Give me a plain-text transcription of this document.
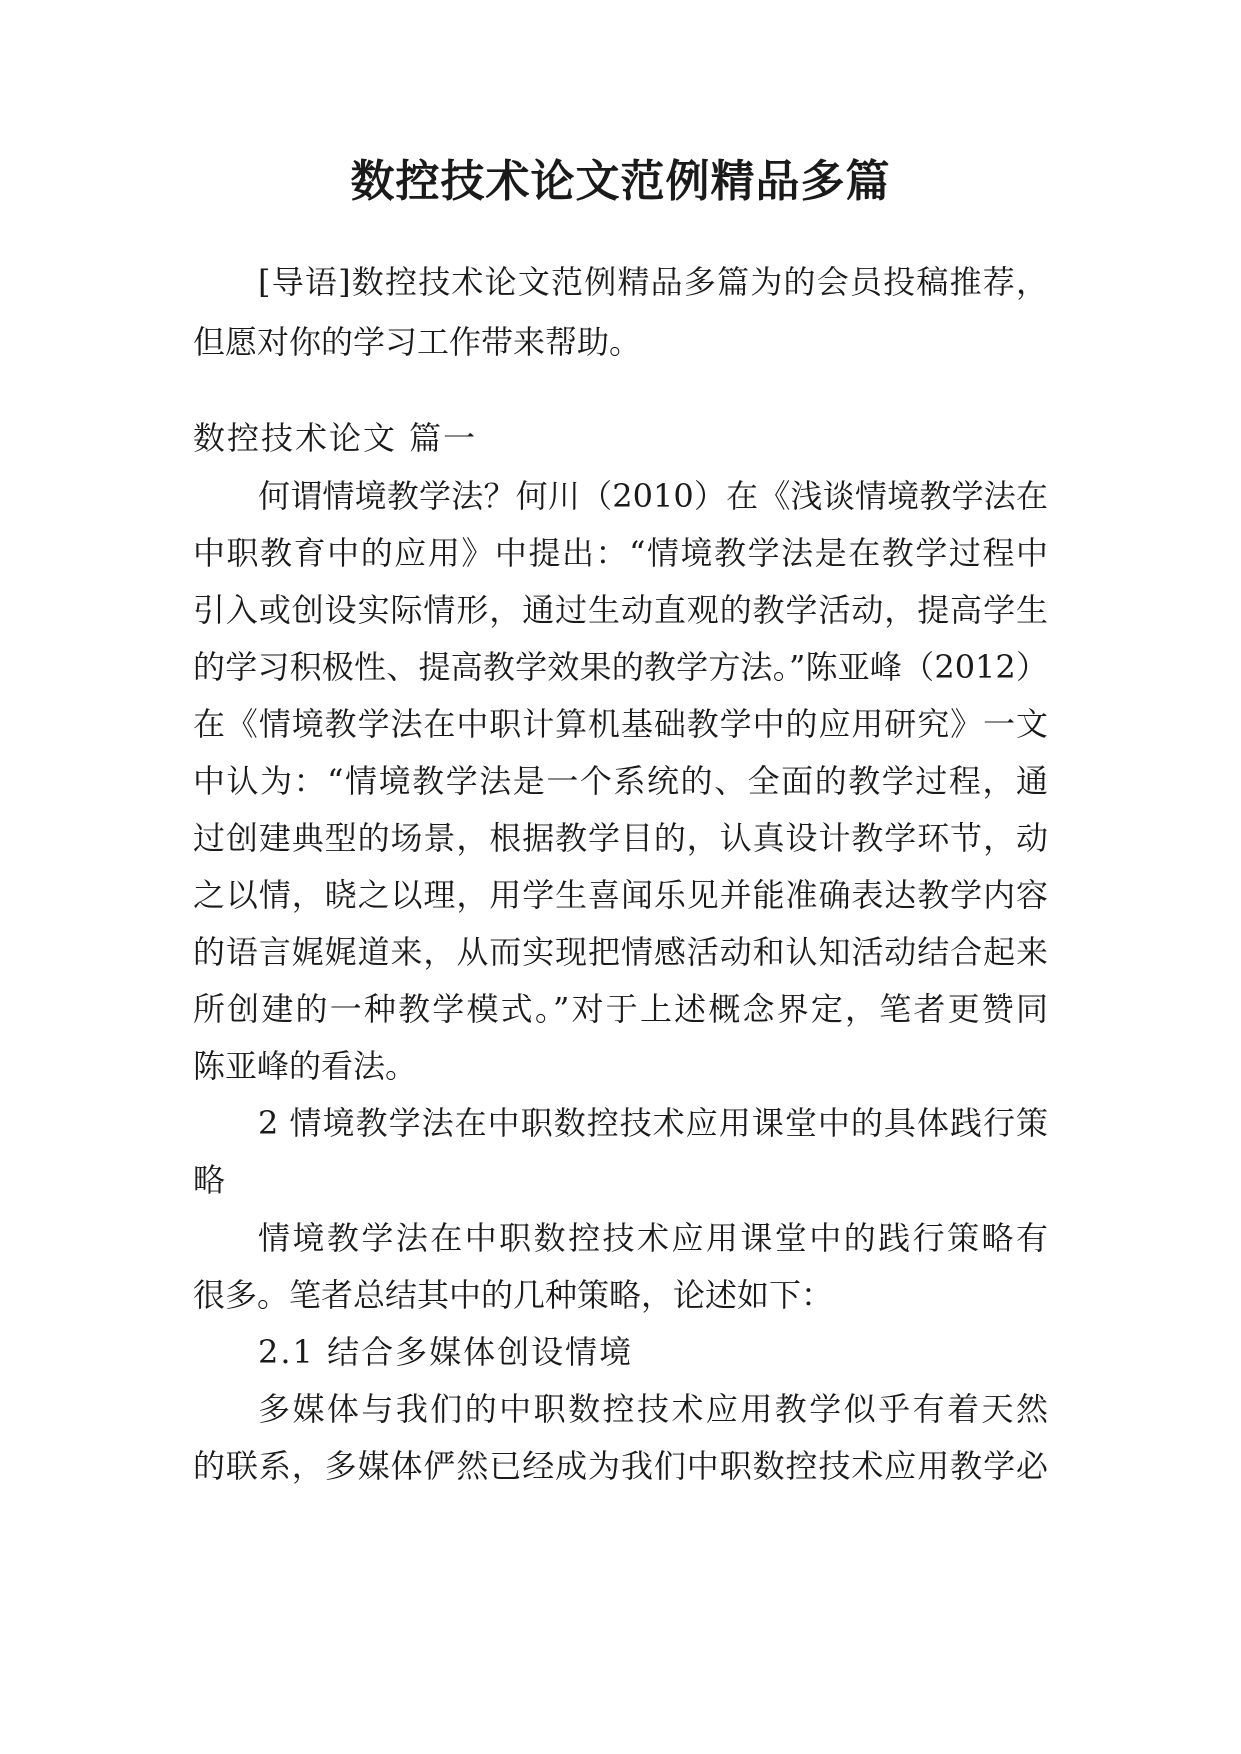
数控技术论文范例精品多篇

[导语]数控技术论文范例精品多篇为的会员投稿推荐，

但愿对你的学习工作带来帮助。

数控技术论文 篇一

何谓情境教学法？何川（2010）在《浅谈情境教学法在

中职教育中的应用》中提出：“情境教学法是在教学过程中

引入或创设实际情形，通过生动直观的教学活动，提高学生

的学习积极性、提高教学效果的教学方法。”陈亚峰（2012）

在《情境教学法在中职计算机基础教学中的应用研究》一文

中认为：“情境教学法是一个系统的、全面的教学过程，通

过创建典型的场景，根据教学目的，认真设计教学环节，动

之以情，晓之以理，用学生喜闻乐见并能准确表达教学内容

的语言娓娓道来，从而实现把情感活动和认知活动结合起来

所创建的一种教学模式。”对于上述概念界定，笔者更赞同

陈亚峰的看法。

2 情境教学法在中职数控技术应用课堂中的具体践行策

略

情境教学法在中职数控技术应用课堂中的践行策略有

很多。笔者总结其中的几种策略，论述如下：

2.1 结合多媒体创设情境

多媒体与我们的中职数控技术应用教学似乎有着天然

的联系，多媒体俨然已经成为我们中职数控技术应用教学必
